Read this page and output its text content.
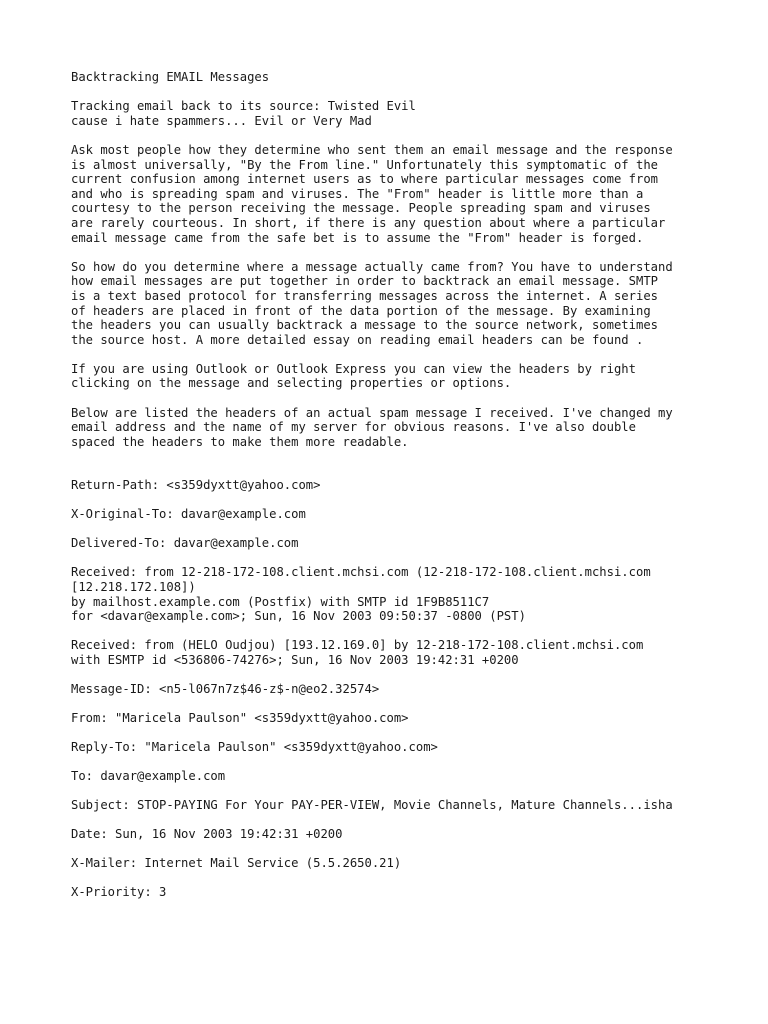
Backtracking EMAIL Messages
Tracking email back to its source: Twisted Evil
cause i hate spammers... Evil or Very Mad
Ask most people how they determine who sent them an email message and the response
is almost universally, "By the From line." Unfortunately this symptomatic of the
current confusion among internet users as to where particular messages come from
and who is spreading spam and viruses. The "From" header is little more than a
courtesy to the person receiving the message. People spreading spam and viruses
are rarely courteous. In short, if there is any question about where a particular
email message came from the safe bet is to assume the "From" header is forged.
So how do you determine where a message actually came from? You have to understand
how email messages are put together in order to backtrack an email message. SMTP
is a text based protocol for transferring messages across the internet. A series
of headers are placed in front of the data portion of the message. By examining
the headers you can usually backtrack a message to the source network, sometimes
the source host. A more detailed essay on reading email headers can be found .
If you are using Outlook or Outlook Express you can view the headers by right
clicking on the message and selecting properties or options.
Below are listed the headers of an actual spam message I received. I've changed my
email address and the name of my server for obvious reasons. I've also double
spaced the headers to make them more readable.
Return-Path: <s359dyxtt@yahoo.com>
X-Original-To: davar@example.com
Delivered-To: davar@example.com
Received: from 12-218-172-108.client.mchsi.com (12-218-172-108.client.mchsi.com
[12.218.172.108])
by mailhost.example.com (Postfix) with SMTP id 1F9B8511C7
for <davar@example.com>; Sun, 16 Nov 2003 09:50:37 -0800 (PST)
Received: from (HELO Oudjou) [193.12.169.0] by 12-218-172-108.client.mchsi.com
with ESMTP id <536806-74276>; Sun, 16 Nov 2003 19:42:31 +0200
Message-ID: <n5-l067n7z$46-z$-n@eo2.32574>
From: "Maricela Paulson" <s359dyxtt@yahoo.com>
Reply-To: "Maricela Paulson" <s359dyxtt@yahoo.com>
To: davar@example.com
Subject: STOP-PAYING For Your PAY-PER-VIEW, Movie Channels, Mature Channels...isha
Date: Sun, 16 Nov 2003 19:42:31 +0200
X-Mailer: Internet Mail Service (5.5.2650.21)
X-Priority: 3
